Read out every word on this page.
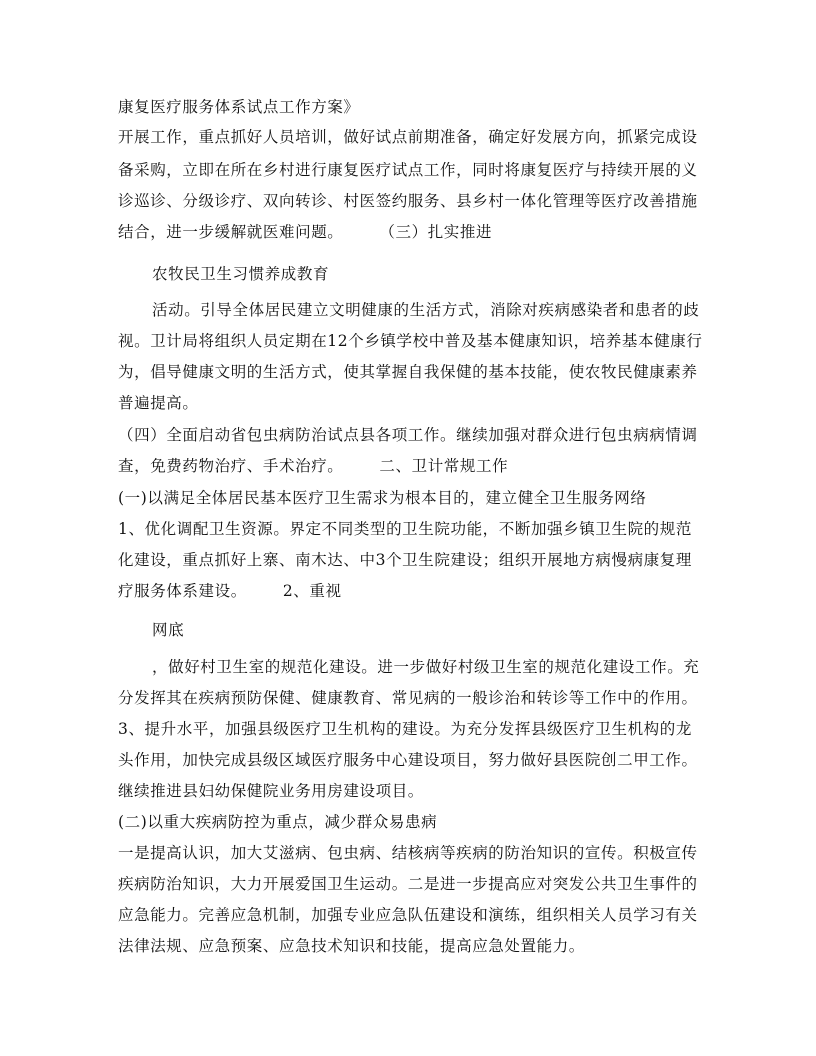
康复医疗服务体系试点工作方案》
开展工作，重点抓好人员培训，做好试点前期准备，确定好发展方向，抓紧完成设
备采购，立即在所在乡村进行康复医疗试点工作，同时将康复医疗与持续开展的义
诊巡诊、分级诊疗、双向转诊、村医签约服务、县乡村一体化管理等医疗改善措施
结合，进一步缓解就医难问题。 （三）扎实推进
农牧民卫生习惯养成教育
活动。引导全体居民建立文明健康的生活方式，消除对疾病感染者和患者的歧
视。卫计局将组织人员定期在12个乡镇学校中普及基本健康知识，培养基本健康行
为，倡导健康文明的生活方式，使其掌握自我保健的基本技能，使农牧民健康素养
普遍提高。
（四）全面启动省包虫病防治试点县各项工作。继续加强对群众进行包虫病病情调
查，免费药物治疗、手术治疗。 二、卫计常规工作
(一)以满足全体居民基本医疗卫生需求为根本目的，建立健全卫生服务网络
1、优化调配卫生资源。界定不同类型的卫生院功能，不断加强乡镇卫生院的规范
化建设，重点抓好上寨、南木达、中3个卫生院建设；组织开展地方病慢病康复理
疗服务体系建设。 2、重视
网底
，做好村卫生室的规范化建设。进一步做好村级卫生室的规范化建设工作。充
分发挥其在疾病预防保健、健康教育、常见病的一般诊治和转诊等工作中的作用。
3、提升水平，加强县级医疗卫生机构的建设。为充分发挥县级医疗卫生机构的龙
头作用，加快完成县级区域医疗服务中心建设项目，努力做好县医院创二甲工作。
继续推进县妇幼保健院业务用房建设项目。
(二)以重大疾病防控为重点，减少群众易患病
一是提高认识，加大艾滋病、包虫病、结核病等疾病的防治知识的宣传。积极宣传
疾病防治知识，大力开展爱国卫生运动。二是进一步提高应对突发公共卫生事件的
应急能力。完善应急机制，加强专业应急队伍建设和演练，组织相关人员学习有关
法律法规、应急预案、应急技术知识和技能，提高应急处置能力。
